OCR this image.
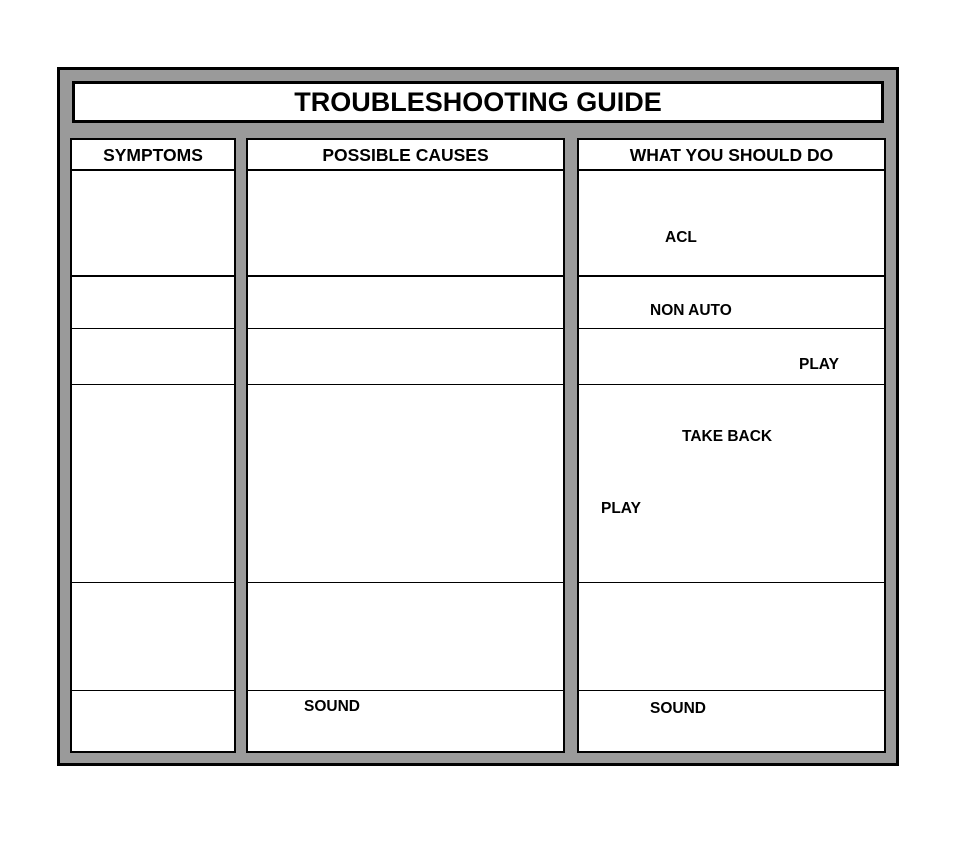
TROUBLESHOOTING GUIDE
SYMPTOMS	POSSIBLE CAUSES
SOUND
WHAT YOU SHOULD DO
ACL
NON AUTO
PLAY
TAKE BACK
PLAY
SOUND
